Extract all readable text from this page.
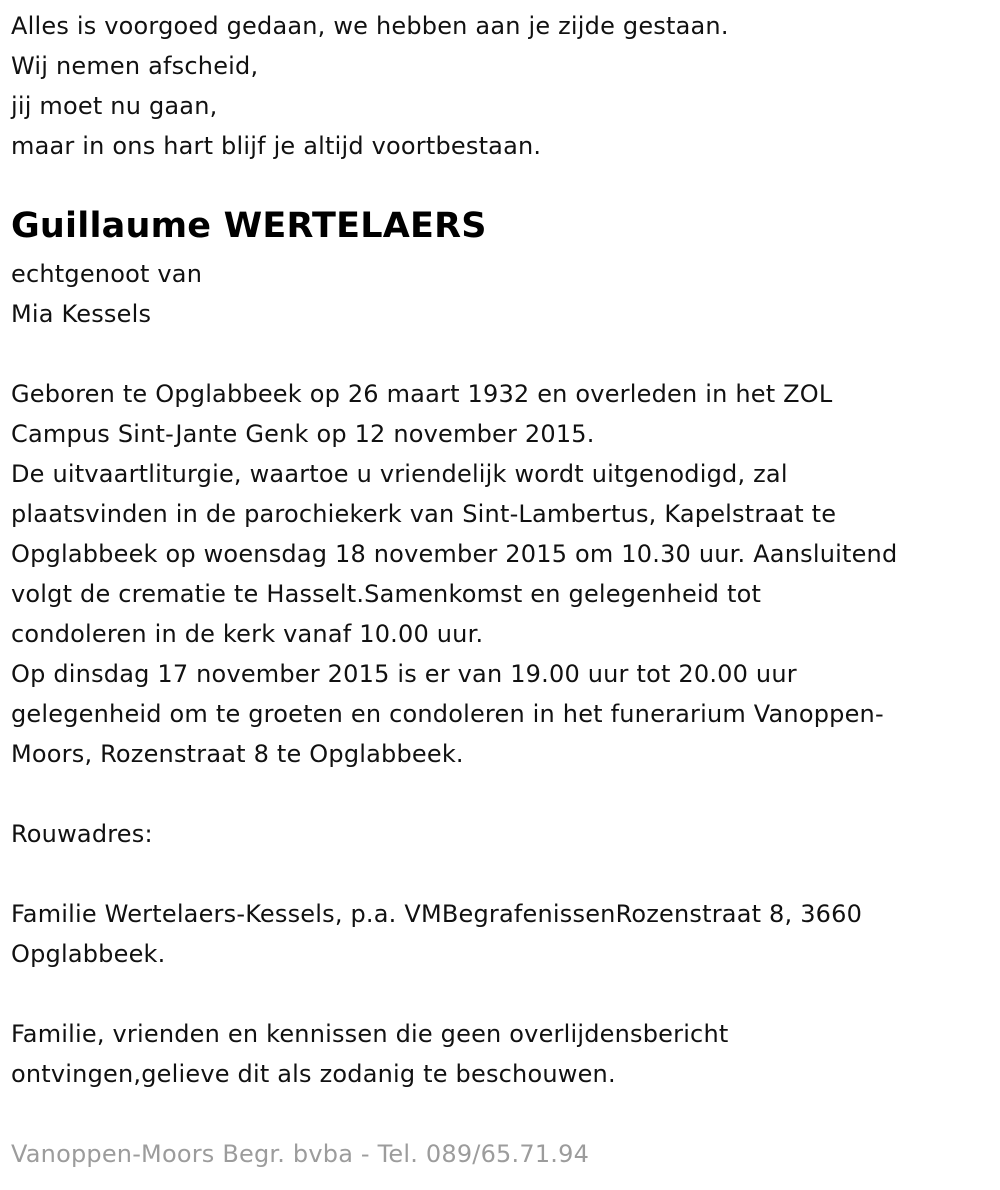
Alles is voorgoed gedaan, we hebben aan je zijde gestaan.
Wij nemen afscheid,
jij moet nu gaan,
maar in ons hart blijf je altijd voortbestaan.
Guillaume WERTELAERS
echtgenoot van
Mia Kessels
Geboren te Opglabbeek op 26 maart 1932 en overleden in het ZOL
Campus Sint-Jante Genk op 12 november 2015.
De uitvaartliturgie, waartoe u vriendelijk wordt uitgenodigd, zal
plaatsvinden in de parochiekerk van Sint-Lambertus, Kapelstraat te
Opglabbeek op woensdag 18 november 2015 om 10.30 uur. Aansluitend
volgt de crematie te Hasselt.Samenkomst en gelegenheid tot
condoleren in de kerk vanaf 10.00 uur.
Op dinsdag 17 november 2015 is er van 19.00 uur tot 20.00 uur
gelegenheid om te groeten en condoleren in het funerarium Vanoppen-
Moors, Rozenstraat 8 te Opglabbeek.
Rouwadres:
Familie Wertelaers-Kessels, p.a. VMBegrafenissenRozenstraat 8, 3660
Opglabbeek.
Familie, vrienden en kennissen die geen overlijdensbericht
ontvingen,gelieve dit als zodanig te beschouwen.
Vanoppen-Moors Begr. bvba - Tel. 089/65.71.94
